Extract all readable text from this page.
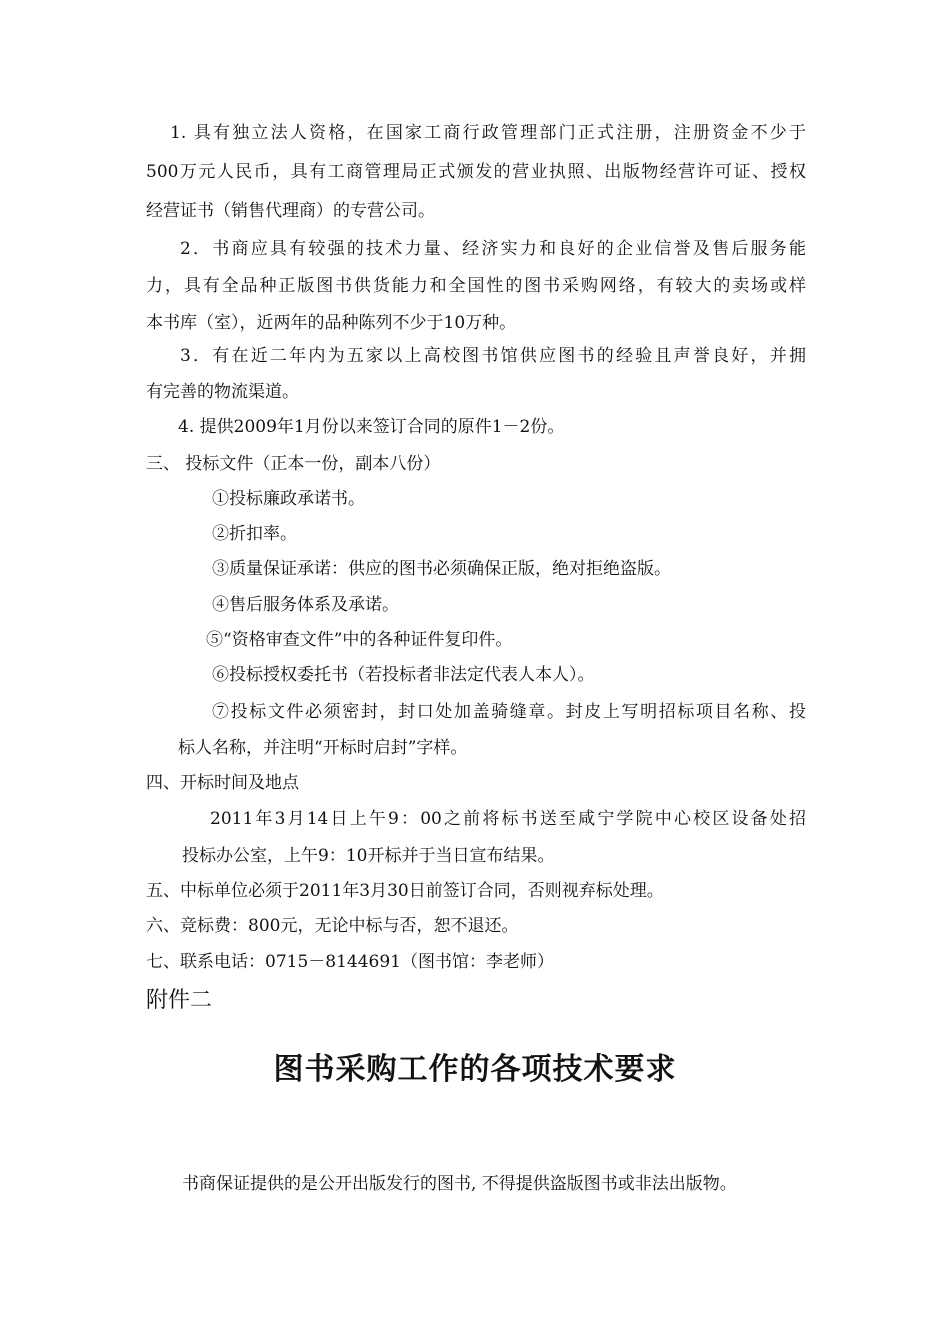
1. 具有独立法人资格，在国家工商行政管理部门正式注册，注册资金不少于
500万元人民币，具有工商管理局正式颁发的营业执照、出版物经营许可证、授权
经营证书（销售代理商）的专营公司。
2．书商应具有较强的技术力量、经济实力和良好的企业信誉及售后服务能
力，具有全品种正版图书供货能力和全国性的图书采购网络，有较大的卖场或样
本书库（室），近两年的品种陈列不少于10万种。
3．有在近二年内为五家以上高校图书馆供应图书的经验且声誉良好，并拥
有完善的物流渠道。
4. 提供2009年1月份以来签订合同的原件1－2份。
三、 投标文件（正本一份，副本八份）
①投标廉政承诺书。
②折扣率。
③质量保证承诺：供应的图书必须确保正版，绝对拒绝盗版。
④售后服务体系及承诺。
⑤“资格审查文件”中的各种证件复印件。
⑥投标授权委托书（若投标者非法定代表人本人）。
⑦投标文件必须密封，封口处加盖骑缝章。封皮上写明招标项目名称、投
标人名称，并注明“开标时启封”字样。
四、开标时间及地点
2011年3月14日上午9：00之前将标书送至咸宁学院中心校区设备处招
投标办公室，上午9：10开标并于当日宣布结果。
五、中标单位必须于2011年3月30日前签订合同，否则视弃标处理。
六、竞标费：800元，无论中标与否，恕不退还。
七、联系电话：0715－8144691（图书馆：李老师）
附件二
图书采购工作的各项技术要求
书商保证提供的是公开出版发行的图书, 不得提供盗版图书或非法出版物。
